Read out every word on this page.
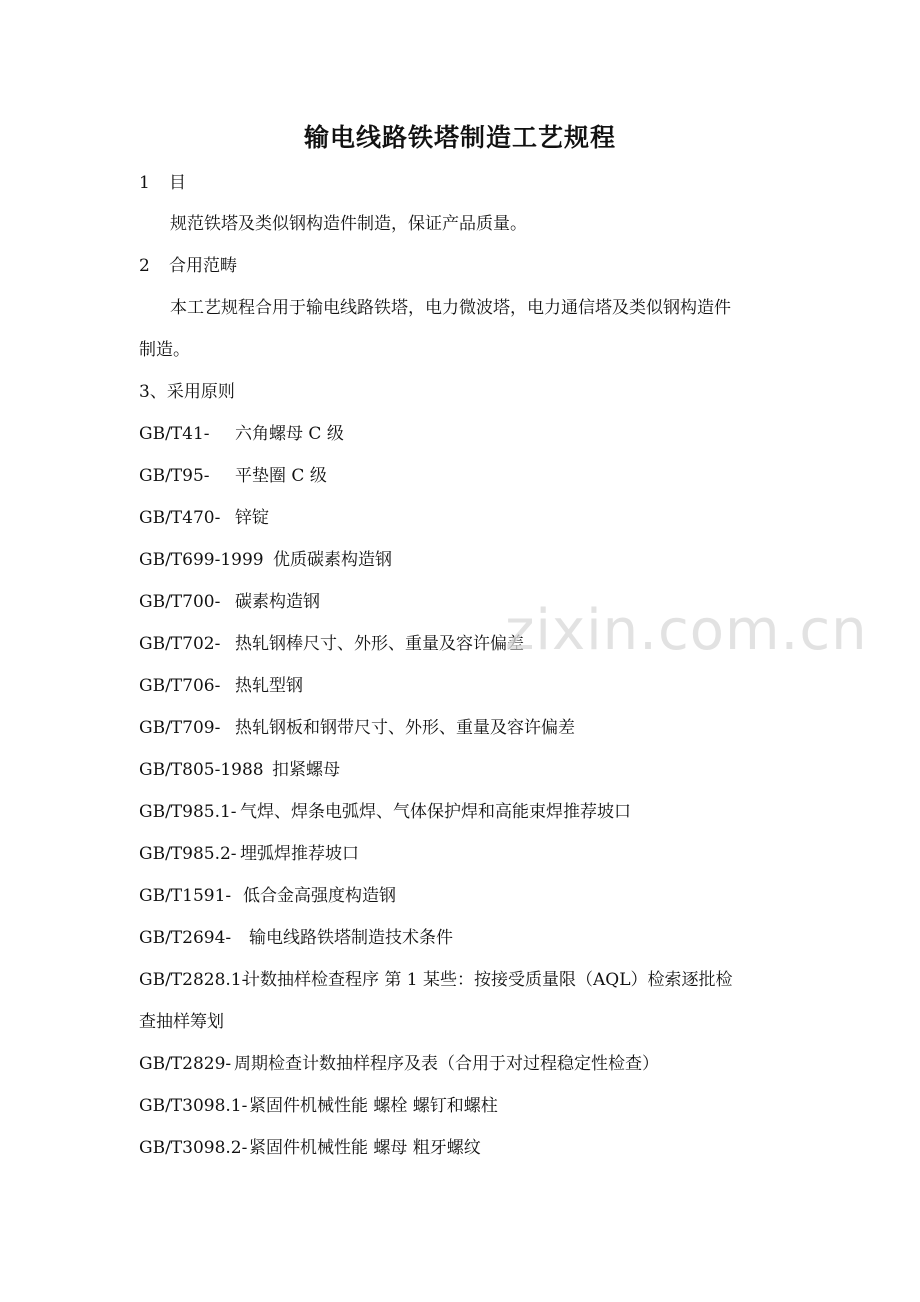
输电线路铁塔制造工艺规程

1 目

规范铁塔及类似钢构造件制造，保证产品质量。

2 合用范畴

本工艺规程合用于输电线路铁塔，电力微波塔，电力通信塔及类似钢构造件

制造。

3、采用原则

GB/T41- 六角螺母 C 级

GB/T95- 平垫圈 C 级

GB/T470- 锌锭

GB/T699-1999 优质碳素构造钢

GB/T700- 碳素构造钢

GB/T702- 热轧钢棒尺寸、外形、重量及容许偏差

GB/T706- 热轧型钢

GB/T709- 热轧钢板和钢带尺寸、外形、重量及容许偏差

GB/T805-1988 扣紧螺母

GB/T985.1- 气焊、焊条电弧焊、气体保护焊和高能束焊推荐坡口

GB/T985.2- 埋弧焊推荐坡口

GB/T1591- 低合金高强度构造钢

GB/T2694- 输电线路铁塔制造技术条件

GB/T2828.1-计数抽样检查程序 第 1 某些：按接受质量限（AQL）检索逐批检

查抽样筹划

GB/T2829- 周期检查计数抽样程序及表（合用于对过程稳定性检查）

GB/T3098.1-紧固件机械性能 螺栓 螺钉和螺柱

GB/T3098.2-紧固件机械性能 螺母 粗牙螺纹

zixin.com.cn
